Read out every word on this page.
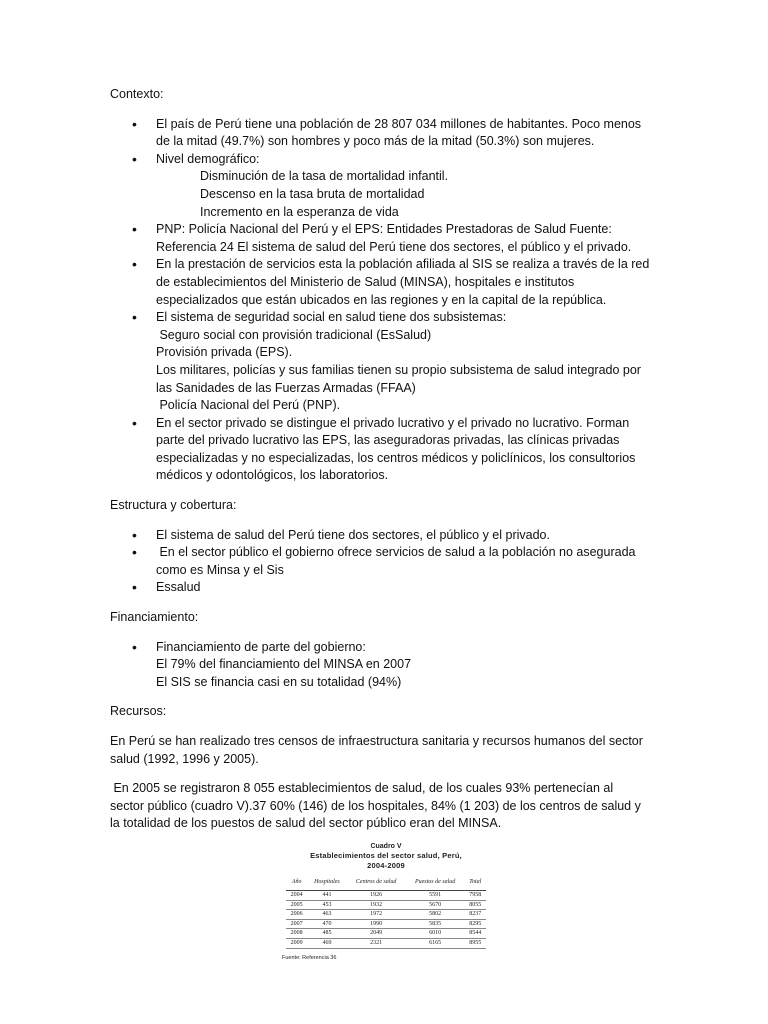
Contexto:

• El país de Perú tiene una población de 28 807 034 millones de habitantes. Poco menos
de la mitad (49.7%) son hombres y poco más de la mitad (50.3%) son mujeres.
• Nivel demográfico:
Disminución de la tasa de mortalidad infantil.
Descenso en la tasa bruta de mortalidad
Incremento en la esperanza de vida
• PNP: Policía Nacional del Perú y el EPS: Entidades Prestadoras de Salud Fuente:
Referencia 24 El sistema de salud del Perú tiene dos sectores, el público y el privado.
• En la prestación de servicios esta la población afiliada al SIS se realiza a través de la red
de establecimientos del Ministerio de Salud (MINSA), hospitales e institutos
especializados que están ubicados en las regiones y en la capital de la república.
• El sistema de seguridad social en salud tiene dos subsistemas:
Seguro social con provisión tradicional (EsSalud)
Provisión privada (EPS).
Los militares, policías y sus familias tienen su propio subsistema de salud integrado por
las Sanidades de las Fuerzas Armadas (FFAA)
Policía Nacional del Perú (PNP).
• En el sector privado se distingue el privado lucrativo y el privado no lucrativo. Forman
parte del privado lucrativo las EPS, las aseguradoras privadas, las clínicas privadas
especializadas y no especializadas, los centros médicos y policlínicos, los consultorios
médicos y odontológicos, los laboratorios.

Estructura y cobertura:

• El sistema de salud del Perú tiene dos sectores, el público y el privado.
•  En el sector público el gobierno ofrece servicios de salud a la población no asegurada
como es Minsa y el Sis
• Essalud

Financiamiento:

• Financiamiento de parte del gobierno:
El 79% del financiamiento del MINSA en 2007
El SIS se financia casi en su totalidad (94%)

Recursos:

En Perú se han realizado tres censos de infraestructura sanitaria y recursos humanos del sector
salud (1992, 1996 y 2005).

En 2005 se registraron 8 055 establecimientos de salud, de los cuales 93% pertenecían al
sector público (cuadro V).37 60% (146) de los hospitales, 84% (1 203) de los centros de salud y
la totalidad de los puestos de salud del sector público eran del MINSA.

Cuadro V
Establecimientos del sector salud, Perú,
2004-2009
Año	Hospitales	Centros de salud	Puestos de salud	Total
2004	441	1926	5591	7958
2005	453	1932	5670	8055
2006	463	1972	5802	8237
2007	470	1990	5835	8295
2008	485	2049	6010	8544
2009	469	2321	6165	8955
Fuente: Referencia 36
